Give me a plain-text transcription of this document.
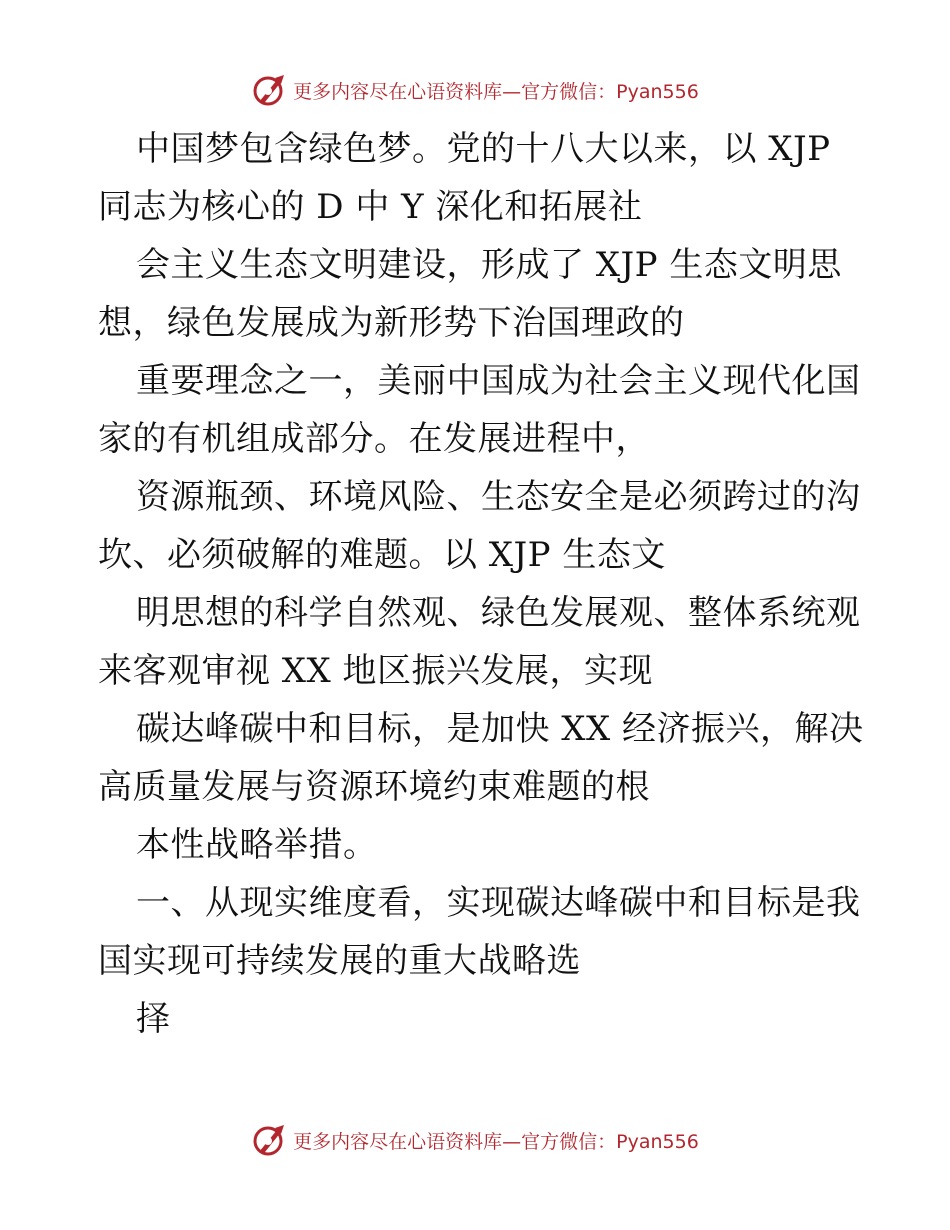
更多内容尽在心语资料库—官方微信：Pyan556
中国梦包含绿色梦。党的十八大以来，以 XJP
同志为核心的 D 中 Y 深化和拓展社
会主义生态文明建设，形成了 XJP 生态文明思
想，绿色发展成为新形势下治国理政的
重要理念之一，美丽中国成为社会主义现代化国
家的有机组成部分。在发展进程中，
资源瓶颈、环境风险、生态安全是必须跨过的沟
坎、必须破解的难题。以 XJP 生态文
明思想的科学自然观、绿色发展观、整体系统观
来客观审视 XX 地区振兴发展，实现
碳达峰碳中和目标，是加快 XX 经济振兴，解决
高质量发展与资源环境约束难题的根
本性战略举措。
一、从现实维度看，实现碳达峰碳中和目标是我
国实现可持续发展的重大战略选
择
更多内容尽在心语资料库—官方微信：Pyan556
